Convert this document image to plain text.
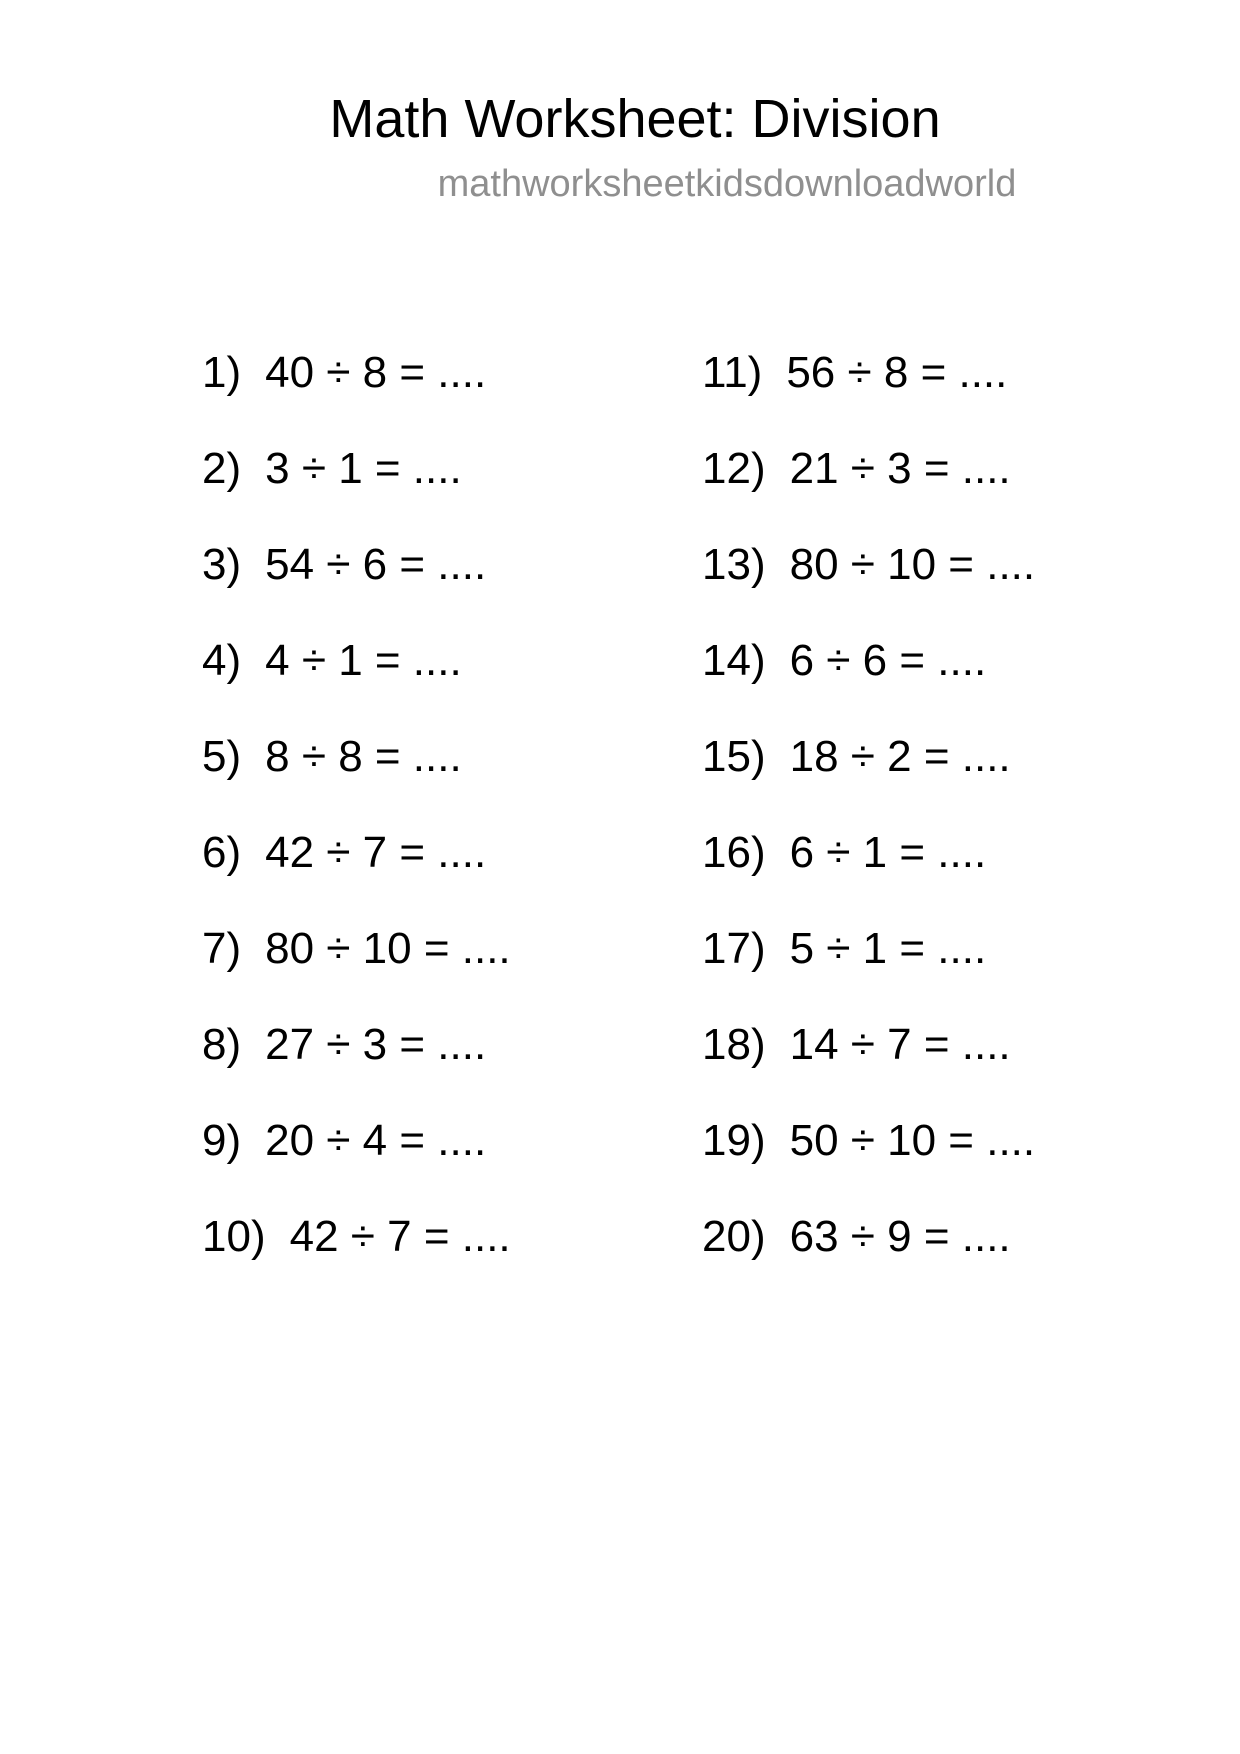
Math Worksheet: Division
mathworksheetkidsdownloadworld
1) 40 ÷ 8 = ....
2) 3 ÷ 1 = ....
3) 54 ÷ 6 = ....
4) 4 ÷ 1 = ....
5) 8 ÷ 8 = ....
6) 42 ÷ 7 = ....
7) 80 ÷ 10 = ....
8) 27 ÷ 3 = ....
9) 20 ÷ 4 = ....
10) 42 ÷ 7 = ....
11) 56 ÷ 8 = ....
12) 21 ÷ 3 = ....
13) 80 ÷ 10 = ....
14) 6 ÷ 6 = ....
15) 18 ÷ 2 = ....
16) 6 ÷ 1 = ....
17) 5 ÷ 1 = ....
18) 14 ÷ 7 = ....
19) 50 ÷ 10 = ....
20) 63 ÷ 9 = ....
